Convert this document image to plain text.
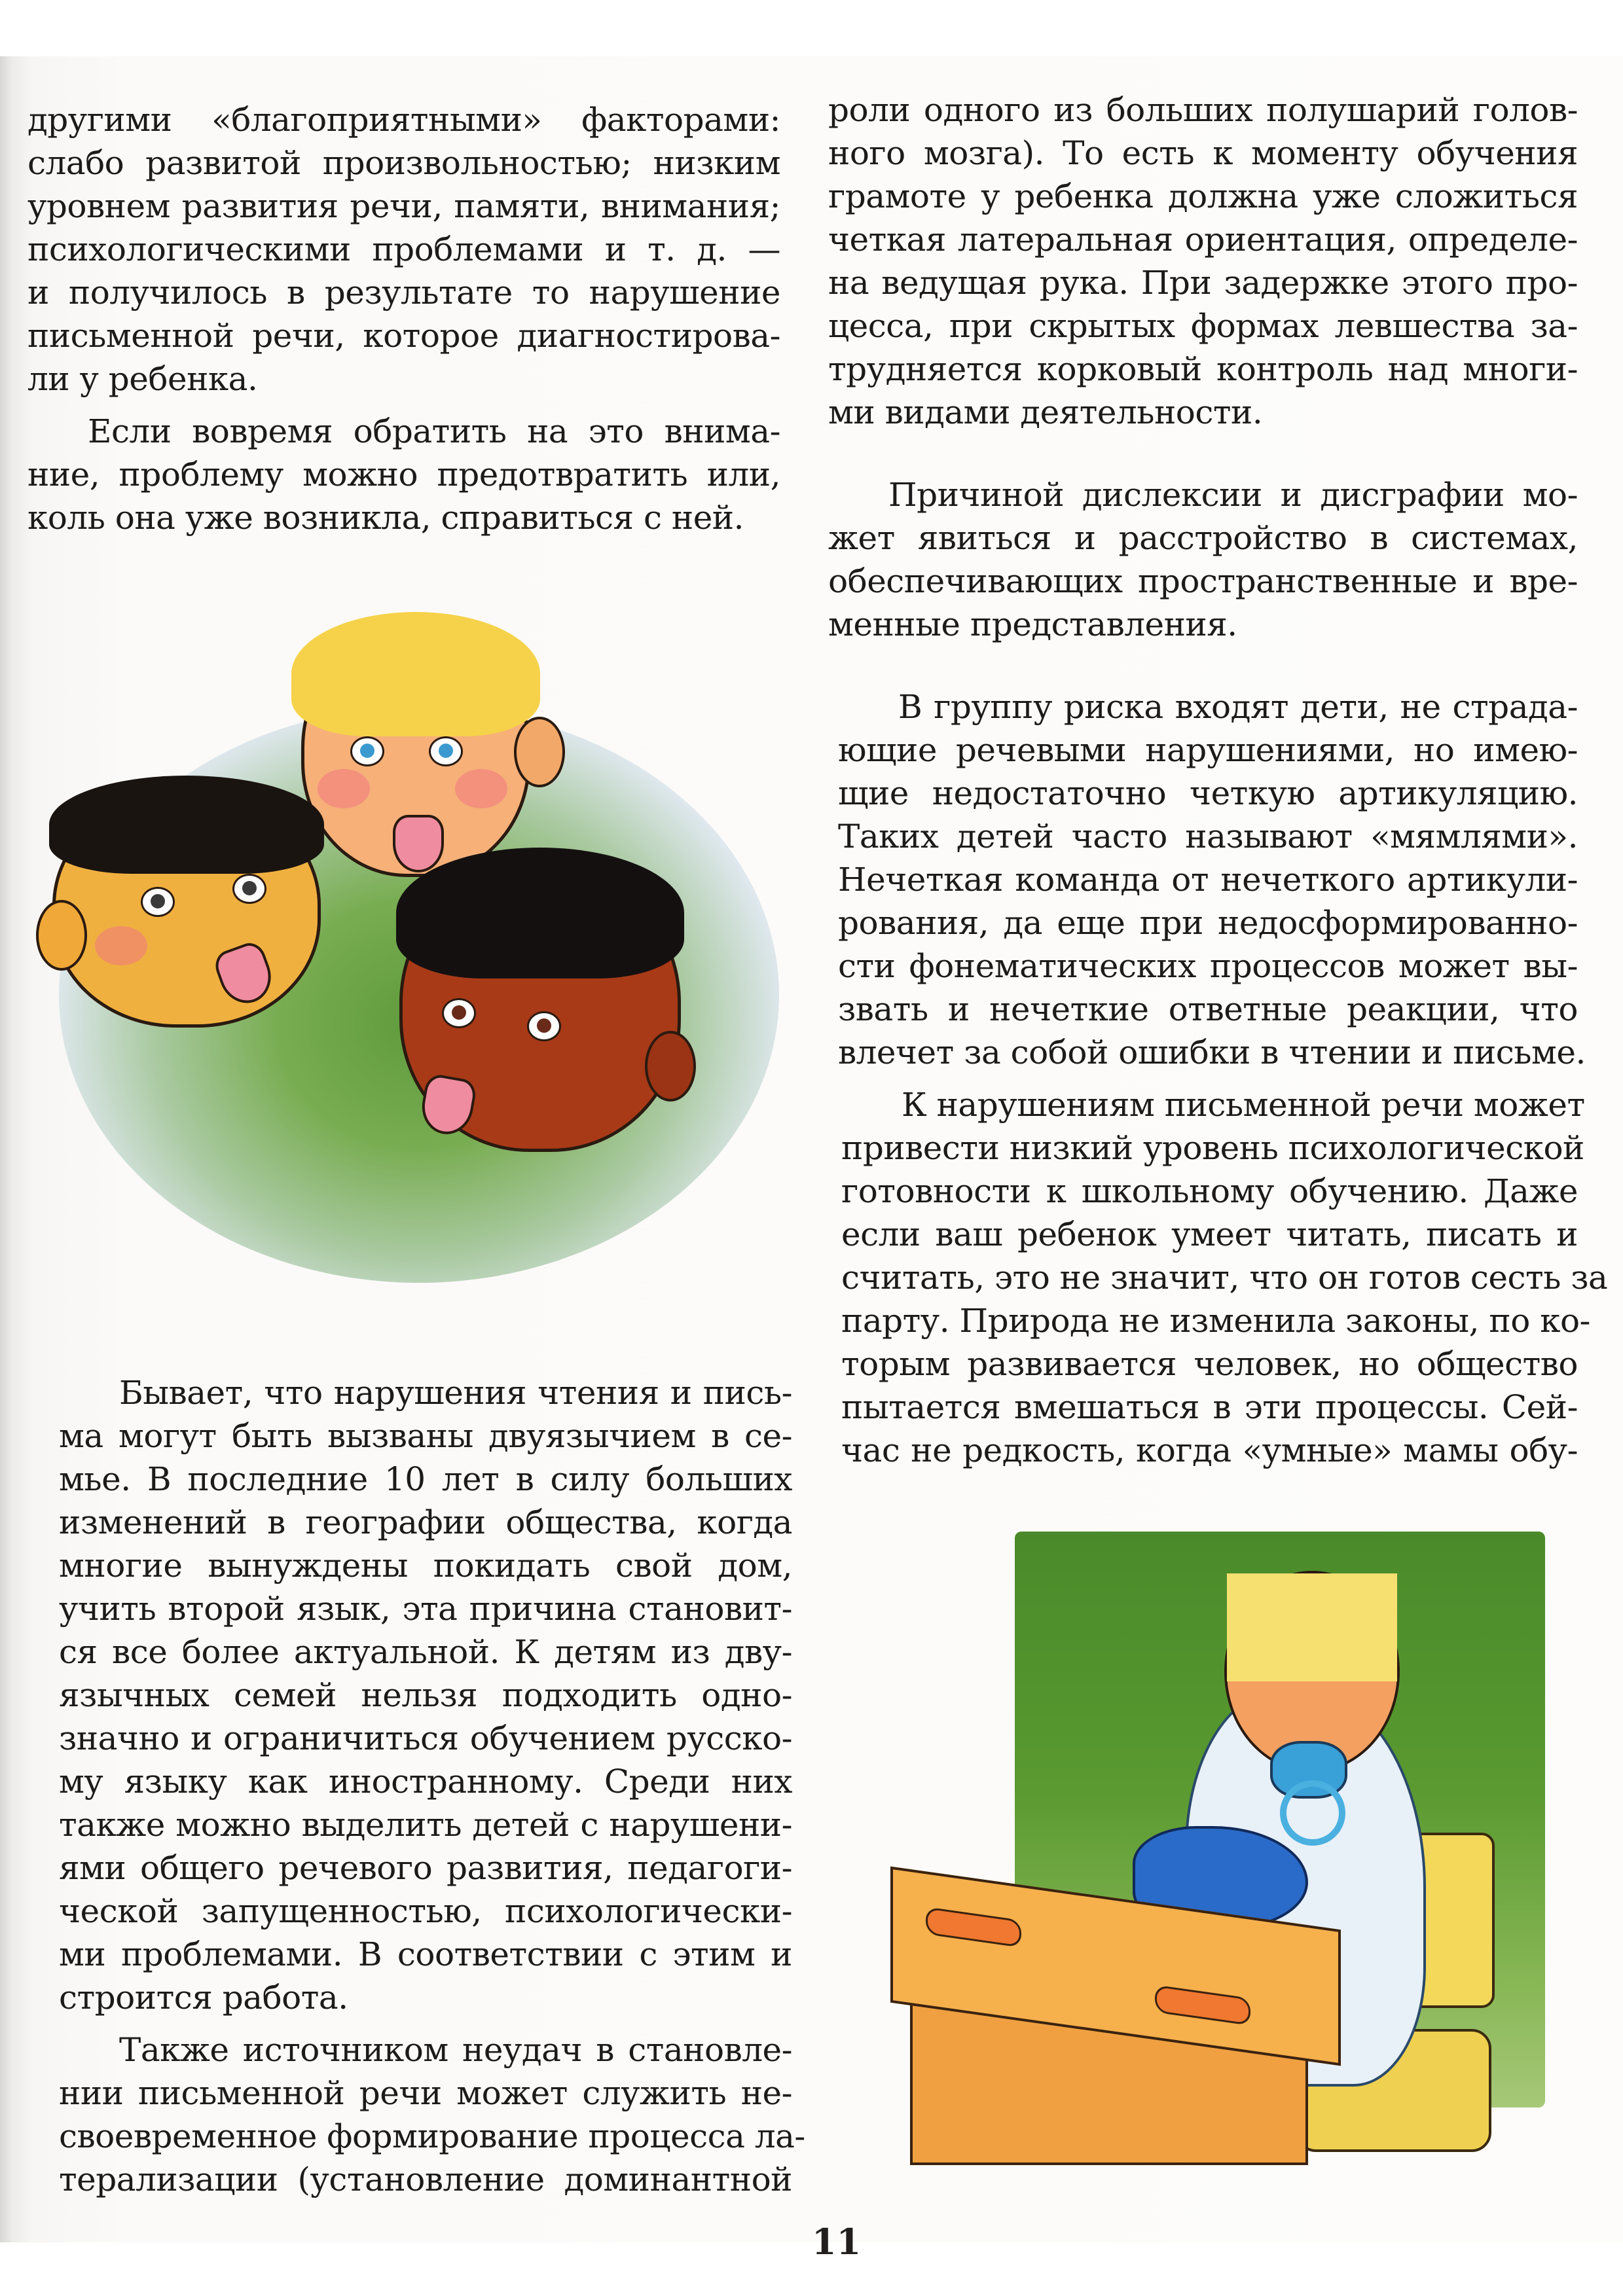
другими «благоприятными» факторами:
слабо развитой произвольностью; низким
уровнем развития речи, памяти, внимания;
психологическими проблемами и т. д. —
и получилось в результате то нарушение
письменной речи, которое диагностирова-
ли у ребенка.
Если вовремя обратить на это внима-
ние, проблему можно предотвратить или,
коль она уже возникла, справиться с ней.
Бывает, что нарушения чтения и пись-
ма могут быть вызваны двуязычием в се-
мье. В последние 10 лет в силу больших
изменений в географии общества, когда
многие вынуждены покидать свой дом,
учить второй язык, эта причина становит-
ся все более актуальной. К детям из дву-
язычных семей нельзя подходить одно-
значно и ограничиться обучением русско-
му языку как иностранному. Среди них
также можно выделить детей с нарушени-
ями общего речевого развития, педагоги-
ческой запущенностью, психологически-
ми проблемами. В соответствии с этим и
строится работа.
Также источником неудач в становле-
нии письменной речи может служить не-
своевременное формирование процесса ла-
терализации (установление доминантной
роли одного из больших полушарий голов-
ного мозга). То есть к моменту обучения
грамоте у ребенка должна уже сложиться
четкая латеральная ориентация, определе-
на ведущая рука. При задержке этого про-
цесса, при скрытых формах левшества за-
трудняется корковый контроль над многи-
ми видами деятельности.
Причиной дислексии и дисграфии мо-
жет явиться и расстройство в системах,
обеспечивающих пространственные и вре-
менные представления.
В группу риска входят дети, не страда-
ющие речевыми нарушениями, но имею-
щие недостаточно четкую артикуляцию.
Таких детей часто называют «мямлями».
Нечеткая команда от нечеткого артикули-
рования, да еще при недосформированно-
сти фонематических процессов может вы-
звать и нечеткие ответные реакции, что
влечет за собой ошибки в чтении и письме.
К нарушениям письменной речи может
привести низкий уровень психологической
готовности к школьному обучению. Даже
если ваш ребенок умеет читать, писать и
считать, это не значит, что он готов сесть за
парту. Природа не изменила законы, по ко-
торым развивается человек, но общество
пытается вмешаться в эти процессы. Сей-
час не редкость, когда «умные» мамы обу-
11
